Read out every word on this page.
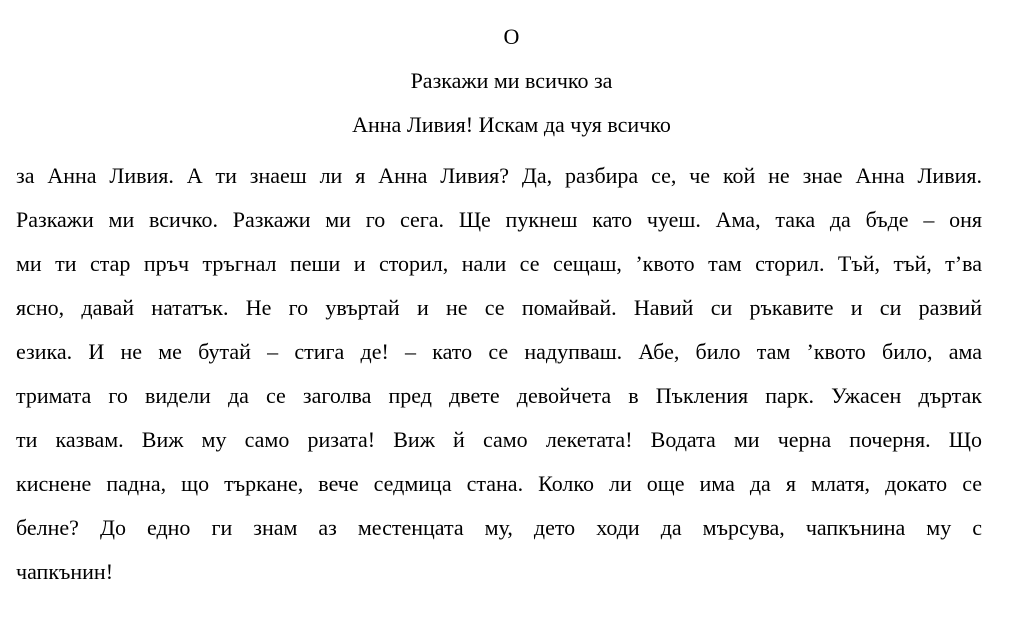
O
Разкажи ми всичко за
Анна Ливия! Искам да чуя всичко
за Анна Ливия. А ти знаеш ли я Анна Ливия? Да, разбира се, че кой не знае Анна Ливия.
Разкажи ми всичко. Разкажи ми го сега. Ще пукнеш като чуеш. Ама, така да бъде – оня
ми ти стар пръч тръгнал пеши и сторил, нали се сещаш, ’квото там сторил. Тъй, тъй, т’ва
ясно, давай нататък. Не го увъртай и не се помайвай. Навий си ръкавите и си развий
езика. И не ме бутай – стига де! – като се надупваш. Абе, било там ’квото било, ама
тримата го видели да се заголва пред двете девойчета в Пъкления парк. Ужасен дъртак
ти казвам. Виж му само ризата! Виж й само лекетата! Водата ми черна почерня. Що
киснене падна, що търкане, вече седмица стана. Колко ли още има да я млатя, докато се
белне? До едно ги знам аз местенцата му, дето ходи да мърсува, чапкънина му с
чапкънин!
